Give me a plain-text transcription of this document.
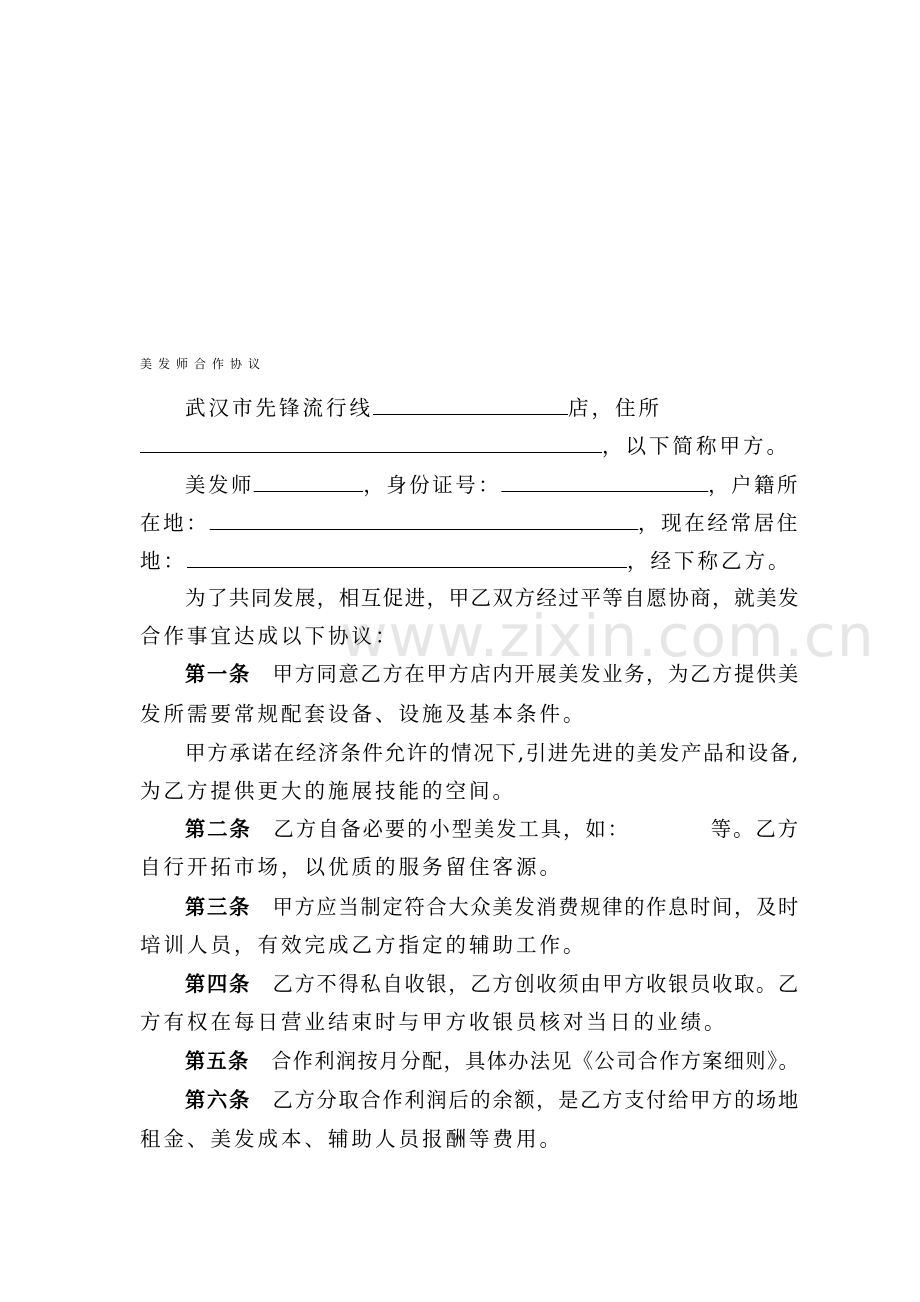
www.zixin.com.cn
美发师合作协议
武汉市先锋流行线	店，住所
，以下简称甲方。
美发师	，身份证号：	，户籍所
在地：	，现在经常居住
地：	，经下称乙方。
为了共同发展，相互促进，甲乙双方经过平等自愿协商，就美发
合作事宜达成以下协议：
第一条 甲方同意乙方在甲方店内开展美发业务，为乙方提供美
发所需要常规配套设备、设施及基本条件。
甲方承诺在经济条件允许的情况下,引进先进的美发产品和设备,
为乙方提供更大的施展技能的空间。
第二条 乙方自备必要的小型美发工具，如：	等。乙方
自行开拓市场，以优质的服务留住客源。
第三条 甲方应当制定符合大众美发消费规律的作息时间，及时
培训人员，有效完成乙方指定的辅助工作。
第四条 乙方不得私自收银，乙方创收须由甲方收银员收取。乙
方有权在每日营业结束时与甲方收银员核对当日的业绩。
第五条 合作利润按月分配，具体办法见《公司合作方案细则》。
第六条 乙方分取合作利润后的余额，是乙方支付给甲方的场地
租金、美发成本、辅助人员报酬等费用。
